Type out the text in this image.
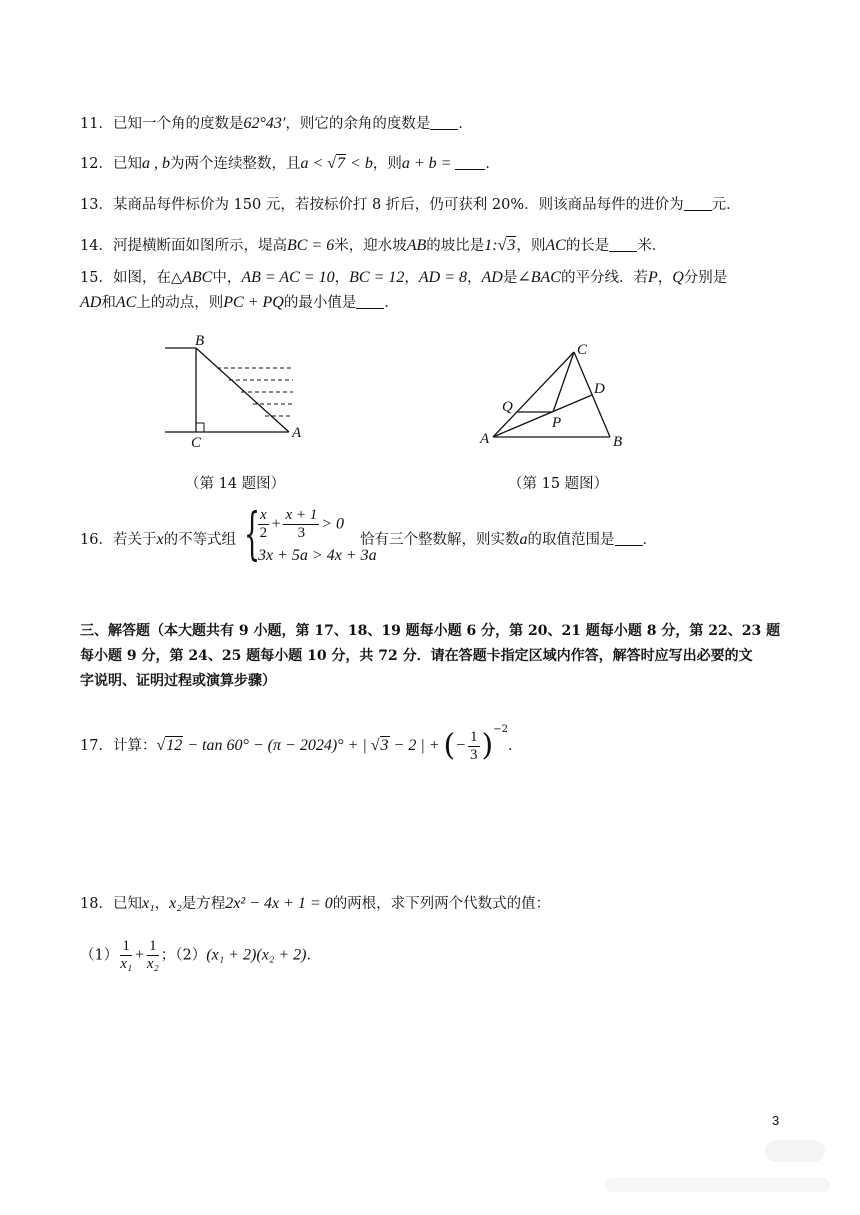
11．已知一个角的度数是62°43′，则它的余角的度数是 ．
12．已知a , b为两个连续整数，且a < √7 < b，则a + b = ．
13．某商品每件标价为 150 元，若按标价打 8 折后，仍可获利 20%．则该商品每件的进价为 元．
14．河提横断面如图所示，堤高BC = 6米，迎水坡AB的坡比是1:√3，则AC的长是 米．
15．如图，在△ABC中，AB = AC = 10，BC = 12，AD = 8，AD是∠BAC的平分线．若P，Q分别是
AD和AC上的动点，则PC + PQ的最小值是 ．
B
C
A
（第 14 题图）
C
D
Q
P
A	B
（第 15 题图）
16．若关于x的不等式组 {
$\frac{x}{2} + \frac{x + 1}{3} > 0$
3x + 5a > 4x + 3a
恰有三个整数解，则实数a的取值范围是 ．
三、解答题（本大题共有 9 小题，第 17、18、19 题每小题 6 分，第 20、21 题每小题 8 分，第 22、23 题
每小题 9 分，第 24、25 题每小题 10 分，共 72 分．请在答题卡指定区域内作答，解答时应写出必要的文
字说明、证明过程或演算步骤）
17．计算：√12 − tan 60° − (π − 2024)° + | √3 − 2 | + (− $\frac{1}{3} )^{-2}$．
18．已知x₁，x₂是方程2x² − 4x + 1 = 0的两根，求下列两个代数式的值：
$(1) \frac{1}{\text{x₁}} + \frac{1}{\text{x₂}}$ ；（2）(x₁ + 2)(x₂ + 2)．
3
